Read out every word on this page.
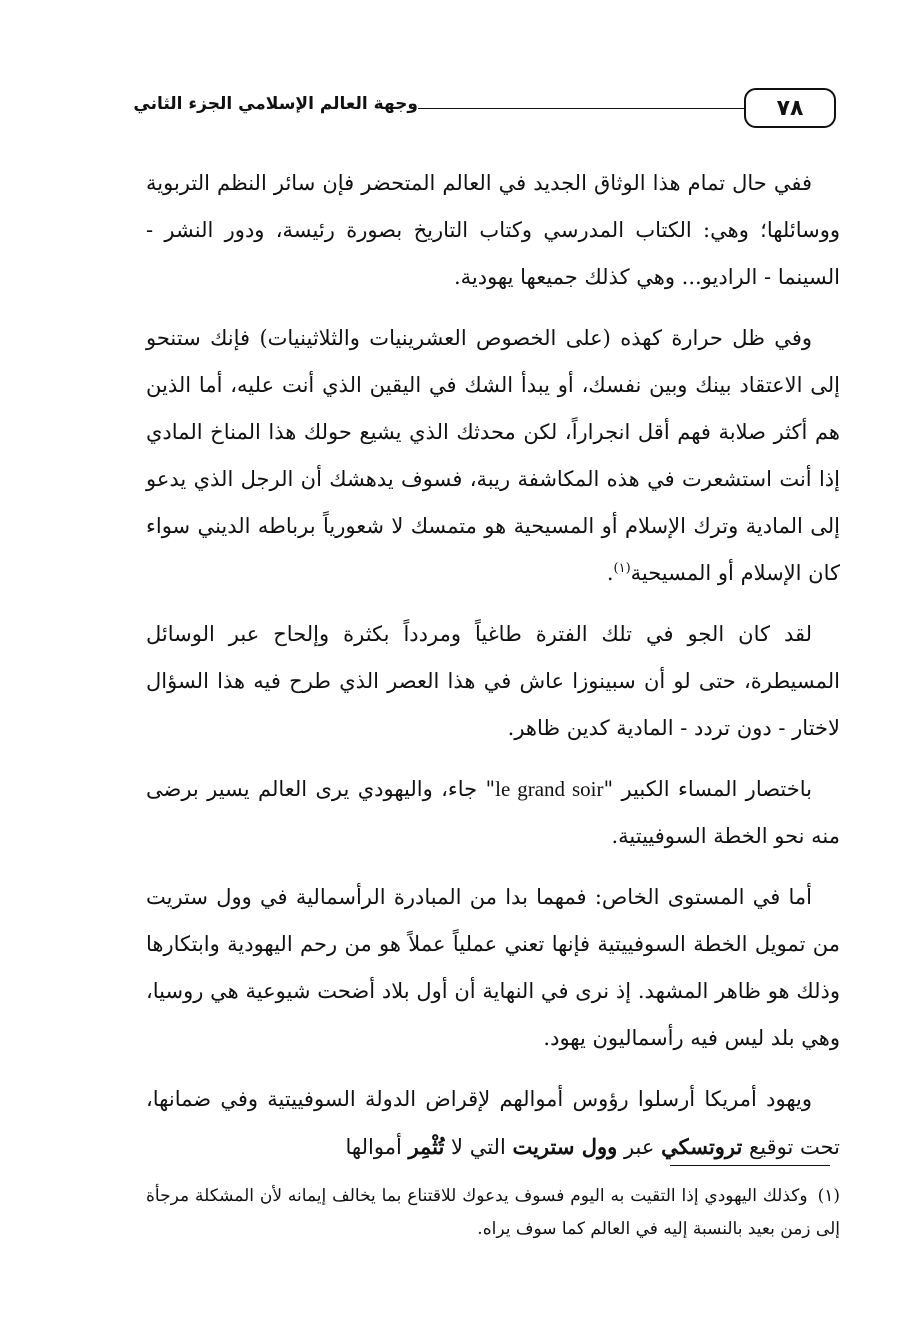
٧٨
وجهة العالم الإسلامي الجزء الثاني

ففي حال تمام هذا الوثاق الجديد في العالم المتحضر فإن سائر النظم التربوية ووسائلها؛ وهي: الكتاب المدرسي وكتاب التاريخ بصورة رئيسة، ودور النشر - السينما - الراديو... وهي كذلك جميعها يهودية.

وفي ظل حرارة كهذه (على الخصوص العشرينيات والثلاثينيات) فإنك ستنحو إلى الاعتقاد بينك وبين نفسك، أو يبدأ الشك في اليقين الذي أنت عليه، أما الذين هم أكثر صلابة فهم أقل انجراراً، لكن محدثك الذي يشيع حولك هذا المناخ المادي إذا أنت استشعرت في هذه المكاشفة ريبة، فسوف يدهشك أن الرجل الذي يدعو إلى المادية وترك الإسلام أو المسيحية هو متمسك لا شعورياً برباطه الديني سواء كان الإسلام أو المسيحية$^{(١)}$.

لقد كان الجو في تلك الفترة طاغياً ومردداً بكثرة وإلحاح عبر الوسائل المسيطرة، حتى لو أن سبينوزا عاش في هذا العصر الذي طرح فيه هذا السؤال لاختار - دون تردد - المادية كدين ظاهر.

باختصار المساء الكبير "le grand soir" جاء، واليهودي يرى العالم يسير برضى منه نحو الخطة السوفييتية.

أما في المستوى الخاص: فمهما بدا من المبادرة الرأسمالية في وول ستريت من تمويل الخطة السوفييتية فإنها تعني عملياً عملاً هو من رحم اليهودية وابتكارها وذلك هو ظاهر المشهد. إذ نرى في النهاية أن أول بلاد أضحت شيوعية هي روسيا، وهي بلد ليس فيه رأسماليون يهود.

ويهود أمريكا أرسلوا رؤوس أموالهم لإقراض الدولة السوفييتية وفي ضمانها، تحت توقيع تروتسكي عبر وول ستريت التي لا تُثْمِر أموالها

(١)وكذلك اليهودي إذا التقيت به اليوم فسوف يدعوك للاقتناع بما يخالف إيمانه لأن المشكلة مرجأة إلى زمن بعيد بالنسبة إليه في العالم كما سوف يراه.
